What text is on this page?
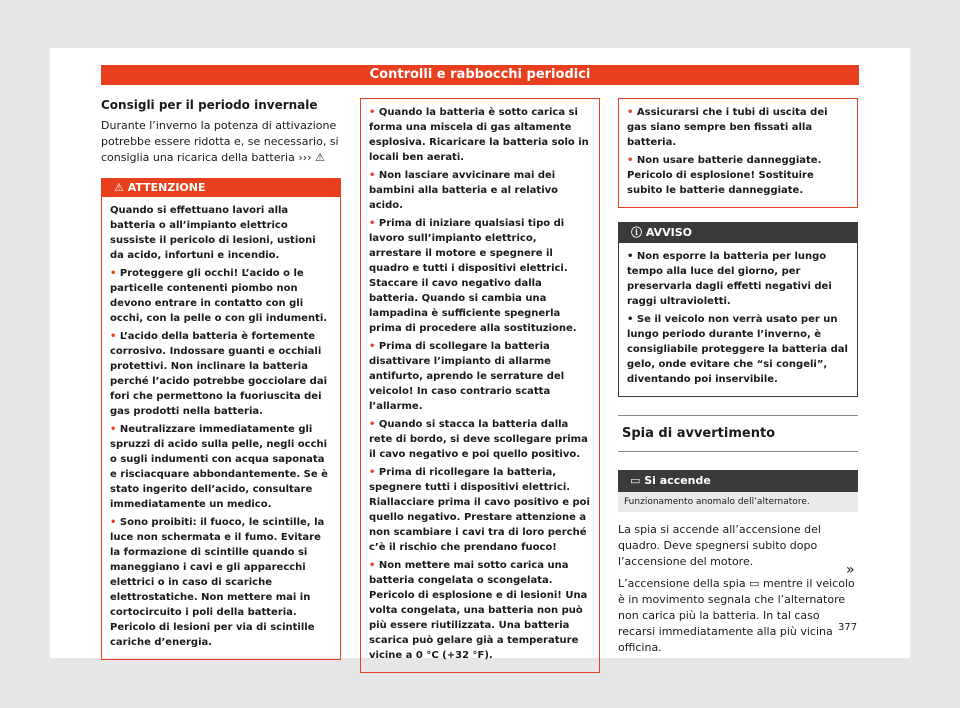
Controlli e rabbocchi periodici
Consigli per il periodo invernale

Durante l’inverno la potenza di attivazione potrebbe essere ridotta e, se necessario, si consiglia una ricarica della batteria ››› ⚠

⚠ ATTENZIONE

Quando si effettuano lavori alla batteria o all’impianto elettrico sussiste il pericolo di lesioni, ustioni da acido, infortuni e incendio.

• Proteggere gli occhi! L’acido o le particelle contenenti piombo non devono entrare in contatto con gli occhi, con la pelle o con gli indumenti.

• L’acido della batteria è fortemente corrosivo. Indossare guanti e occhiali protettivi. Non inclinare la batteria perché l’acido potrebbe gocciolare dai fori che permettono la fuoriuscita dei gas prodotti nella batteria.

• Neutralizzare immediatamente gli spruzzi di acido sulla pelle, negli occhi o sugli indumenti con acqua saponata e risciacquare abbondantemente. Se è stato ingerito dell’acido, consultare immediatamente un medico.

• Sono proibiti: il fuoco, le scintille, la luce non schermata e il fumo. Evitare la formazione di scintille quando si maneggiano i cavi e gli apparecchi elettrici o in caso di scariche elettrostatiche. Non mettere mai in cortocircuito i poli della batteria. Pericolo di lesioni per via di scintille cariche d’energia.

• Quando la batteria è sotto carica si forma una miscela di gas altamente esplosiva. Ricaricare la batteria solo in locali ben aerati.

• Non lasciare avvicinare mai dei bambini alla batteria e al relativo acido.

• Prima di iniziare qualsiasi tipo di lavoro sull’impianto elettrico, arrestare il motore e spegnere il quadro e tutti i dispositivi elettrici. Staccare il cavo negativo dalla batteria. Quando si cambia una lampadina è sufficiente spegnerla prima di procedere alla sostituzione.

• Prima di scollegare la batteria disattivare l’impianto di allarme antifurto, aprendo le serrature del veicolo! In caso contrario scatta l’allarme.

• Quando si stacca la batteria dalla rete di bordo, si deve scollegare prima il cavo negativo e poi quello positivo.

• Prima di ricollegare la batteria, spegnere tutti i dispositivi elettrici. Riallacciare prima il cavo positivo e poi quello negativo. Prestare attenzione a non scambiare i cavi tra di loro perché c’è il rischio che prendano fuoco!

• Non mettere mai sotto carica una batteria congelata o scongelata. Pericolo di esplosione e di lesioni! Una volta congelata, una batteria non può più essere riutilizzata. Una batteria scarica può gelare già a temperature vicine a 0 °C (+32 °F).

• Assicurarsi che i tubi di uscita dei gas siano sempre ben fissati alla batteria.

• Non usare batterie danneggiate. Pericolo di esplosione! Sostituire subito le batterie danneggiate.

ⓘ AVVISO

• Non esporre la batteria per lungo tempo alla luce del giorno, per preservarla dagli effetti negativi dei raggi ultravioletti.

• Se il veicolo non verrà usato per un lungo periodo durante l’inverno, è consigliabile proteggere la batteria dal gelo, onde evitare che “si congeli”, diventando poi inservibile.

Spia di avvertimento
▭ Si accende
Funzionamento anomalo dell’alternatore.

La spia si accende all’accensione del quadro. Deve spegnersi subito dopo l’accensione del motore.

L’accensione della spia ▭ mentre il veicolo è in movimento segnala che l’alternatore non carica più la batteria. In tal caso recarsi immediatamente alla più vicina officina.

»
377
